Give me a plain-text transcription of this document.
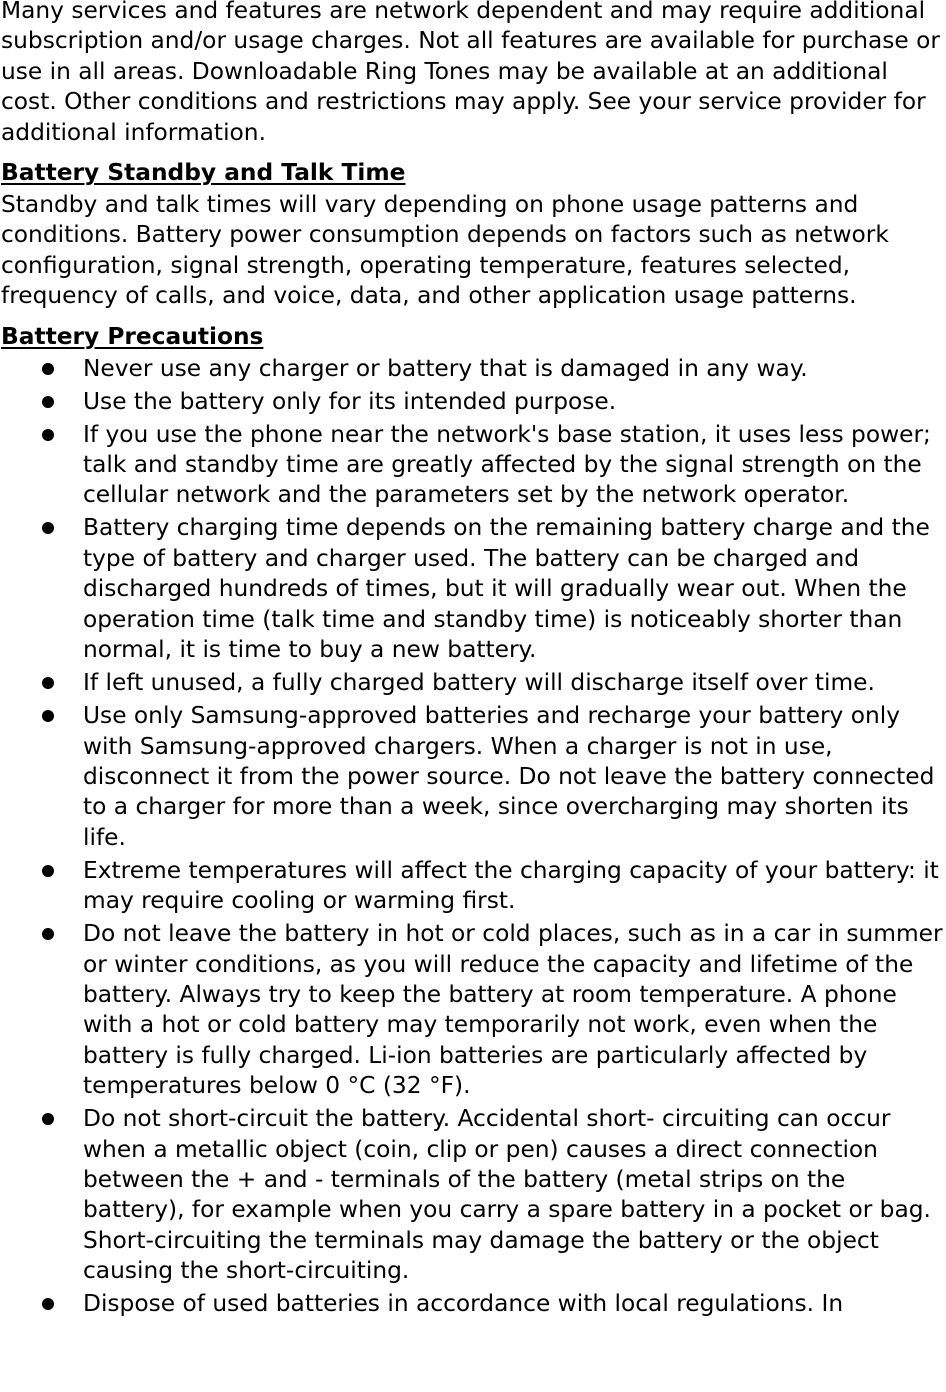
Many services and features are network dependent and may require additional subscription and/or usage charges. Not all features are available for purchase or use in all areas. Downloadable Ring Tones may be available at an additional cost. Other conditions and restrictions may apply. See your service provider for additional information.

Battery Standby and Talk Time

Standby and talk times will vary depending on phone usage patterns and conditions. Battery power consumption depends on factors such as network configuration, signal strength, operating temperature, features selected, frequency of calls, and voice, data, and other application usage patterns.

Battery Precautions
Never use any charger or battery that is damaged in any way.
Use the battery only for its intended purpose.
If you use the phone near the network's base station, it uses less power; talk and standby time are greatly affected by the signal strength on the cellular network and the parameters set by the network operator.
Battery charging time depends on the remaining battery charge and the type of battery and charger used. The battery can be charged and discharged hundreds of times, but it will gradually wear out. When the operation time (talk time and standby time) is noticeably shorter than normal, it is time to buy a new battery.
If left unused, a fully charged battery will discharge itself over time.
Use only Samsung-approved batteries and recharge your battery only with Samsung-approved chargers. When a charger is not in use, disconnect it from the power source. Do not leave the battery connected to a charger for more than a week, since overcharging may shorten its life.
Extreme temperatures will affect the charging capacity of your battery: it may require cooling or warming first.
Do not leave the battery in hot or cold places, such as in a car in summer or winter conditions, as you will reduce the capacity and lifetime of the battery. Always try to keep the battery at room temperature. A phone with a hot or cold battery may temporarily not work, even when the battery is fully charged. Li-ion batteries are particularly affected by temperatures below 0 °C (32 °F).
Do not short-circuit the battery. Accidental short- circuiting can occur when a metallic object (coin, clip or pen) causes a direct connection between the + and - terminals of the battery (metal strips on the battery), for example when you carry a spare battery in a pocket or bag. Short-circuiting the terminals may damage the battery or the object causing the short-circuiting.
Dispose of used batteries in accordance with local regulations. In
